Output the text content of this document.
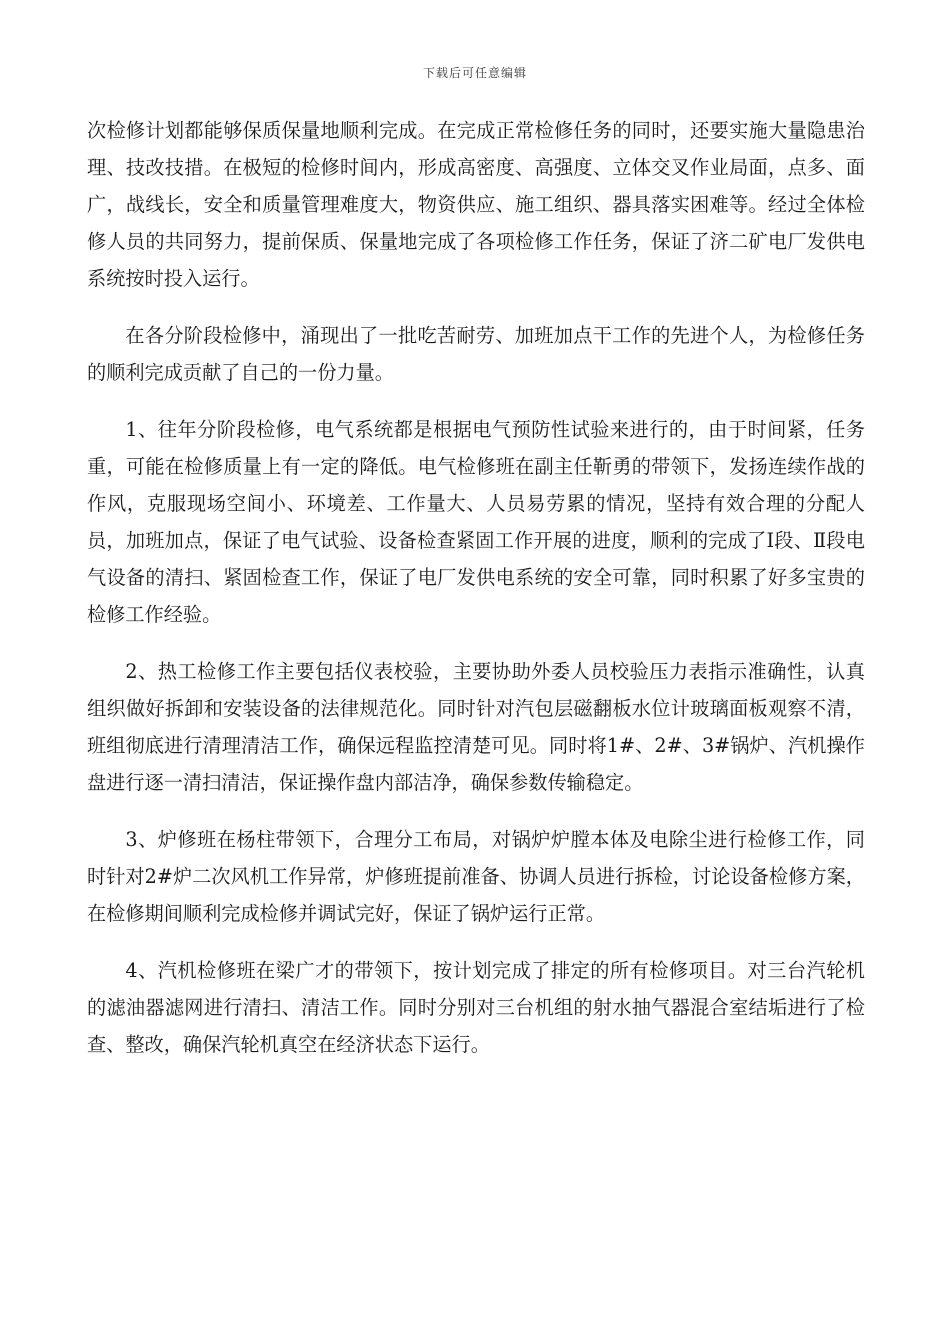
下载后可任意编辑

次检修计划都能够保质保量地顺利完成。在完成正常检修任务的同时，还要实施大量隐患治理、技改技措。在极短的检修时间内，形成高密度、高强度、立体交叉作业局面，点多、面广，战线长，安全和质量管理难度大，物资供应、施工组织、器具落实困难等。经过全体检修人员的共同努力，提前保质、保量地完成了各项检修工作任务，保证了济二矿电厂发供电系统按时投入运行。

在各分阶段检修中，涌现出了一批吃苦耐劳、加班加点干工作的先进个人，为检修任务的顺利完成贡献了自己的一份力量。

1、往年分阶段检修，电气系统都是根据电气预防性试验来进行的，由于时间紧，任务重，可能在检修质量上有一定的降低。电气检修班在副主任靳勇的带领下，发扬连续作战的作风，克服现场空间小、环境差、工作量大、人员易劳累的情况，坚持有效合理的分配人员，加班加点，保证了电气试验、设备检查紧固工作开展的进度，顺利的完成了Ⅰ段、Ⅱ段电气设备的清扫、紧固检查工作，保证了电厂发供电系统的安全可靠，同时积累了好多宝贵的检修工作经验。

2、热工检修工作主要包括仪表校验，主要协助外委人员校验压力表指示准确性，认真组织做好拆卸和安装设备的法律规范化。同时针对汽包层磁翻板水位计玻璃面板观察不清，班组彻底进行清理清洁工作，确保远程监控清楚可见。同时将1#、2#、3#锅炉、汽机操作盘进行逐一清扫清洁，保证操作盘内部洁净，确保参数传输稳定。

3、炉修班在杨柱带领下，合理分工布局，对锅炉炉膛本体及电除尘进行检修工作，同时针对2#炉二次风机工作异常，炉修班提前准备、协调人员进行拆检，讨论设备检修方案，在检修期间顺利完成检修并调试完好，保证了锅炉运行正常。

4、汽机检修班在梁广才的带领下，按计划完成了排定的所有检修项目。对三台汽轮机的滤油器滤网进行清扫、清洁工作。同时分别对三台机组的射水抽气器混合室结垢进行了检查、整改，确保汽轮机真空在经济状态下运行。
